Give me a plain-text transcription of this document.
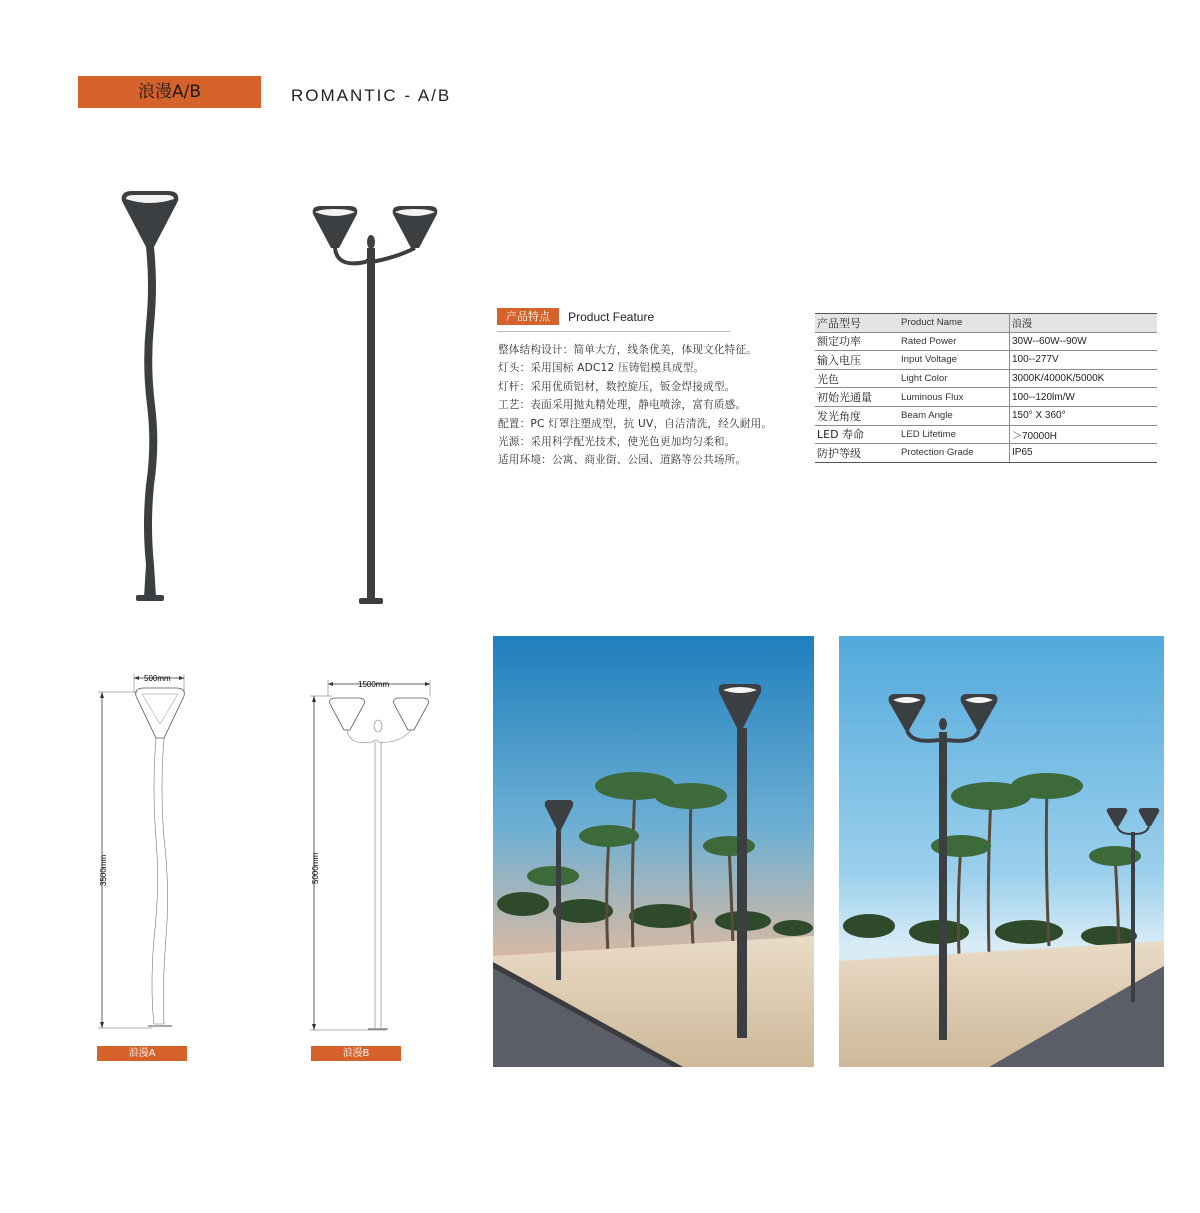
浪漫A/B	ROMANTIC - A/B
产品特点 Product Feature
整体结构设计：简单大方，线条优美，体现文化特征。
灯头：采用国标 ADC12 压铸铝模具成型。
灯杆：采用优质铝材，数控旋压，钣金焊接成型。
工艺：表面采用抛丸精处理，静电喷涂，富有质感。
配置：PC 灯罩注塑成型，抗 UV，自洁清洗，经久耐用。
光源：采用科学配光技术，使光色更加均匀柔和。
适用环境：公寓、商业街、公园、道路等公共场所。
产品型号	Product Name	浪漫
额定功率	Rated Power	30W--60W--90W
输入电压	Input Voltage	100--277V
光色	Light Color	3000K/4000K/5000K
初始光通量	Luminous Flux	100--120lm/W
发光角度	Beam Angle	150° X 360°
LED 寿命	LED Lifetime	＞70000H
防护等级	Protection Grade	IP65
500mm
3500mm
浪漫A
1500mm
5000mm
浪漫B
